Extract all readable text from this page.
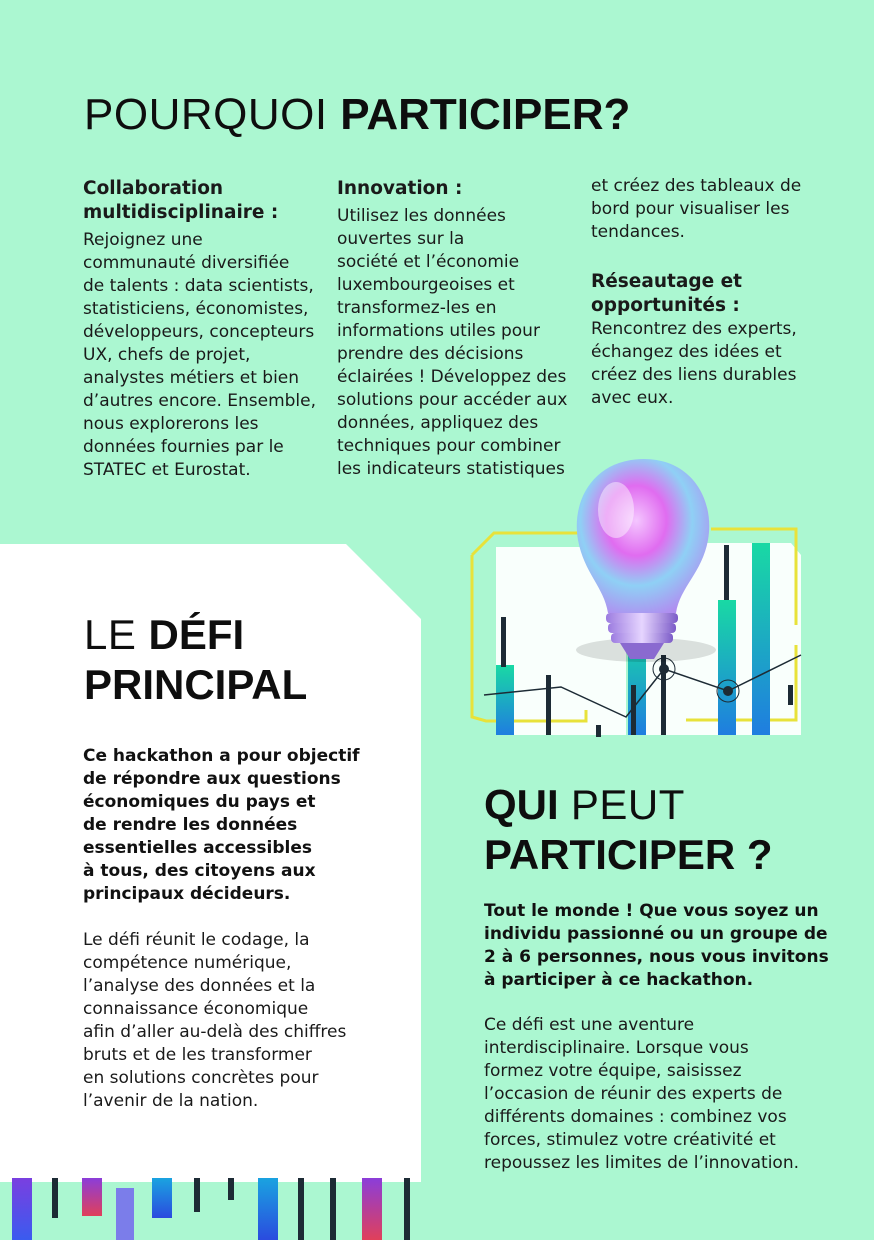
POURQUOI PARTICIPER?
Collaboration
multidisciplinaire :

Rejoignez une
communauté diversifiée
de talents : data scientists,
statisticiens, économistes,
développeurs, concepteurs
UX, chefs de projet,
analystes métiers et bien
d’autres encore. Ensemble,
nous explorerons les
données fournies par le
STATEC et Eurostat.

Innovation :

Utilisez les données
ouvertes sur la
société et l’économie
luxembourgeoises et
transformez-les en
informations utiles pour
prendre des décisions
éclairées ! Développez des
solutions pour accéder aux
données, appliquez des
techniques pour combiner
les indicateurs statistiques

et créez des tableaux de
bord pour visualiser les
tendances.
Réseautage et
opportunités :

Rencontrez des experts,
échangez des idées et
créez des liens durables
avec eux.

LE DÉFI
PRINCIPAL
Ce hackathon a pour objectif
de répondre aux questions
économiques du pays et
de rendre les données
essentielles accessibles
à tous, des citoyens aux
principaux décideurs.
Le défi réunit le codage, la
compétence numérique,
l’analyse des données et la
connaissance économique
afin d’aller au-delà des chiffres
bruts et de les transformer
en solutions concrètes pour
l’avenir de la nation.
QUI PEUT
PARTICIPER ?
Tout le monde ! Que vous soyez un
individu passionné ou un groupe de
2 à 6 personnes, nous vous invitons
à participer à ce hackathon.
Ce défi est une aventure
interdisciplinaire. Lorsque vous
formez votre équipe, saisissez
l’occasion de réunir des experts de
différents domaines : combinez vos
forces, stimulez votre créativité et
repoussez les limites de l’innovation.
